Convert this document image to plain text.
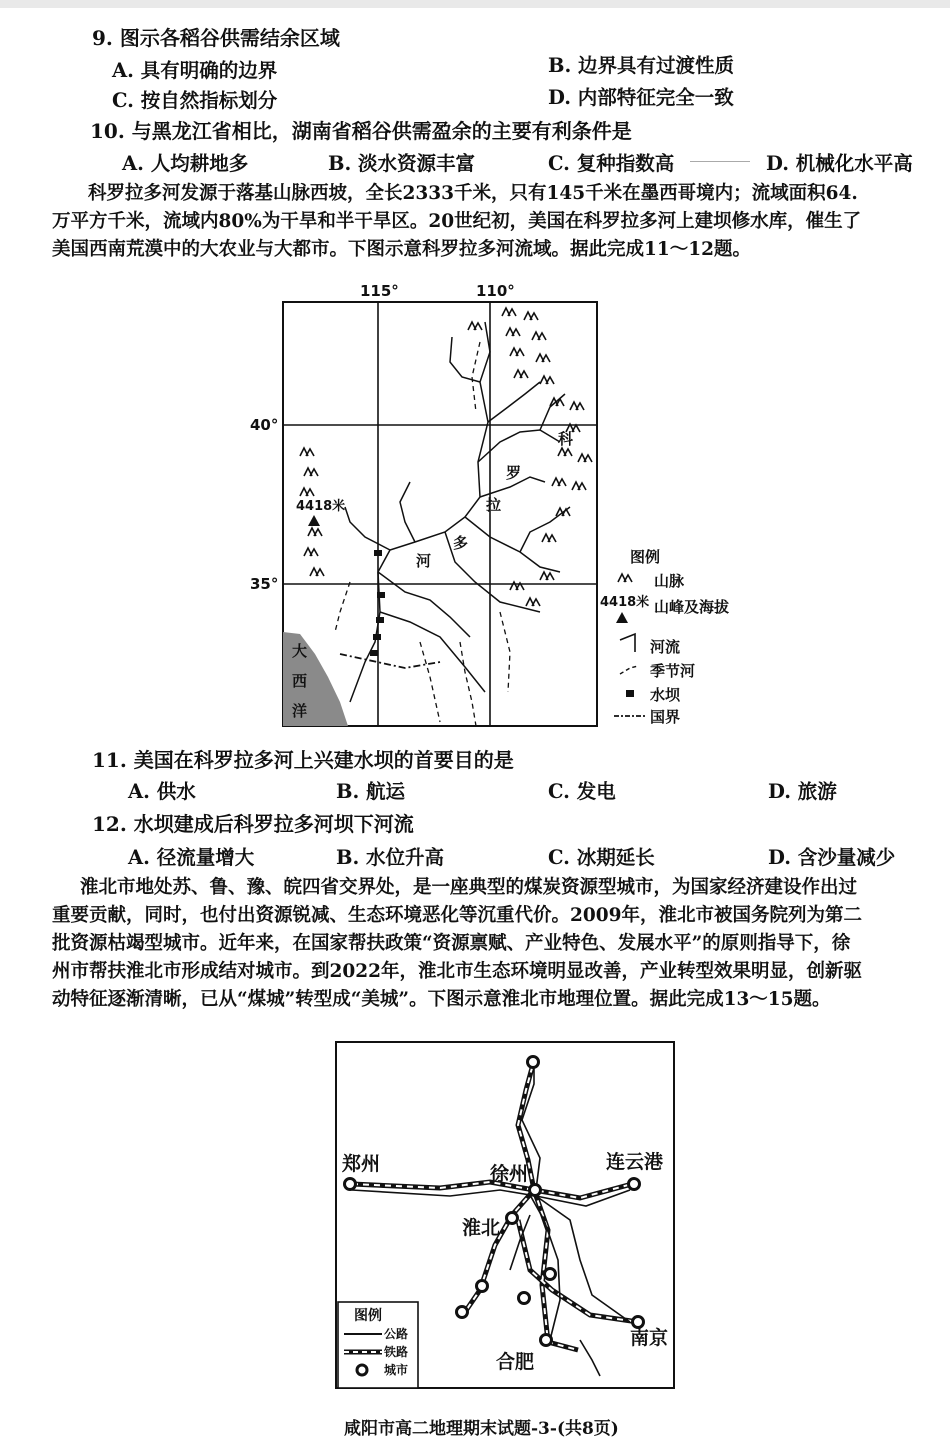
9. 图示各稻谷供需结余区域
A. 具有明确的边界	B. 边界具有过渡性质
C. 按自然指标划分	D. 内部特征完全一致
10. 与黑龙江省相比，湖南省稻谷供需盈余的主要有利条件是
A. 人均耕地多	B. 淡水资源丰富	C. 复种指数高	D. 机械化水平高
科罗拉多河发源于落基山脉西坡，全长2333千米，只有145千米在墨西哥境内；流域面积64.
万平方千米，流域内80%为干旱和半干旱区。20世纪初，美国在科罗拉多河上建坝修水库，催生了
美国西南荒漠中的大农业与大都市。下图示意科罗拉多河流域。据此完成11～12题。
115°	110°
40°
35°
大
西
洋
4418米
科
罗
拉
多
河	图例
山脉
4418米 山峰及海拔
河流
季节河
水坝
国界
11. 美国在科罗拉多河上兴建水坝的首要目的是
A. 供水	B. 航运	C. 发电	D. 旅游
12. 水坝建成后科罗拉多河坝下河流
A. 径流量增大	B. 水位升高	C. 冰期延长	D. 含沙量减少
淮北市地处苏、鲁、豫、皖四省交界处，是一座典型的煤炭资源型城市，为国家经济建设作出过
重要贡献，同时，也付出资源锐减、生态环境恶化等沉重代价。2009年，淮北市被国务院列为第二
批资源枯竭型城市。近年来，在国家帮扶政策“资源禀赋、产业特色、发展水平”的原则指导下，徐
州市帮扶淮北市形成结对城市。到2022年，淮北市生态环境明显改善，产业转型效果明显，创新驱
动特征逐渐清晰，已从“煤城”转型成“美城”。下图示意淮北市地理位置。据此完成13～15题。
郑州	徐州
连云港
淮北
南京
合肥
图例
公路
铁路
城市
咸阳市高二地理期末试题-3-(共8页)
